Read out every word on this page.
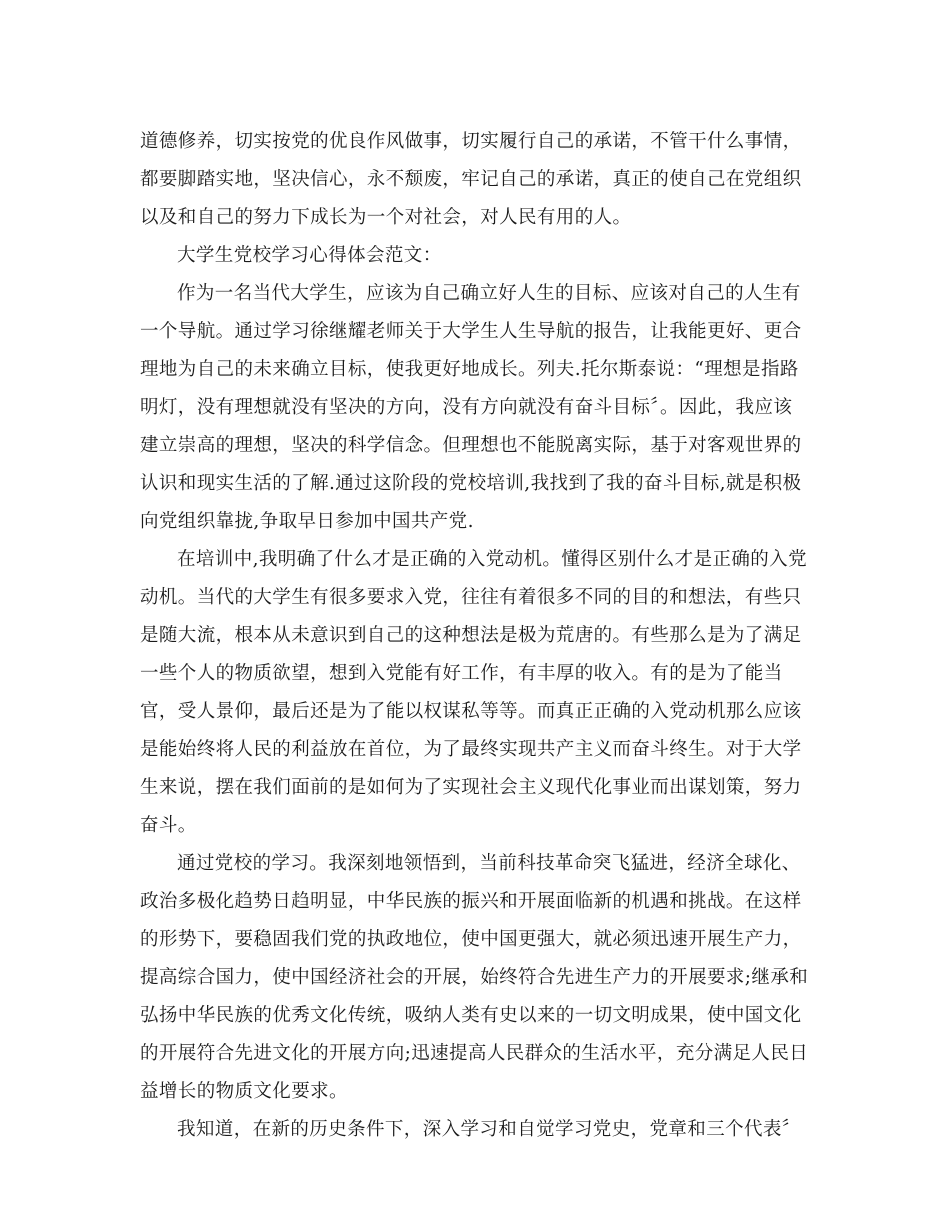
道德修养，切实按党的优良作风做事，切实履行自己的承诺，不管干什么事情，
都要脚踏实地，坚决信心，永不颓废，牢记自己的承诺，真正的使自己在党组织
以及和自己的努力下成长为一个对社会，对人民有用的人。
大学生党校学习心得体会范文：
作为一名当代大学生，应该为自己确立好人生的目标、应该对自己的人生有
一个导航。通过学习徐继耀老师关于大学生人生导航的报告，让我能更好、更合
理地为自己的未来确立目标，使我更好地成长。列夫.托尔斯泰说：“理想是指路
明灯，没有理想就没有坚决的方向，没有方向就没有奋斗目标〞。因此，我应该
建立崇高的理想，坚决的科学信念。但理想也不能脱离实际，基于对客观世界的
认识和现实生活的了解.通过这阶段的党校培训,我找到了我的奋斗目标,就是积极
向党组织靠拢,争取早日参加中国共产党.
在培训中,我明确了什么才是正确的入党动机。懂得区别什么才是正确的入党
动机。当代的大学生有很多要求入党，往往有着很多不同的目的和想法，有些只
是随大流，根本从未意识到自己的这种想法是极为荒唐的。有些那么是为了满足
一些个人的物质欲望，想到入党能有好工作，有丰厚的收入。有的是为了能当
官，受人景仰，最后还是为了能以权谋私等等。而真正正确的入党动机那么应该
是能始终将人民的利益放在首位，为了最终实现共产主义而奋斗终生。对于大学
生来说，摆在我们面前的是如何为了实现社会主义现代化事业而出谋划策，努力
奋斗。
通过党校的学习。我深刻地领悟到，当前科技革命突飞猛进，经济全球化、
政治多极化趋势日趋明显，中华民族的振兴和开展面临新的机遇和挑战。在这样
的形势下，要稳固我们党的执政地位，使中国更强大，就必须迅速开展生产力，
提高综合国力，使中国经济社会的开展，始终符合先进生产力的开展要求;继承和
弘扬中华民族的优秀文化传统，吸纳人类有史以来的一切文明成果，使中国文化
的开展符合先进文化的开展方向;迅速提高人民群众的生活水平，充分满足人民日
益增长的物质文化要求。
我知道，在新的历史条件下，深入学习和自觉学习党史，党章和三个代表〞
